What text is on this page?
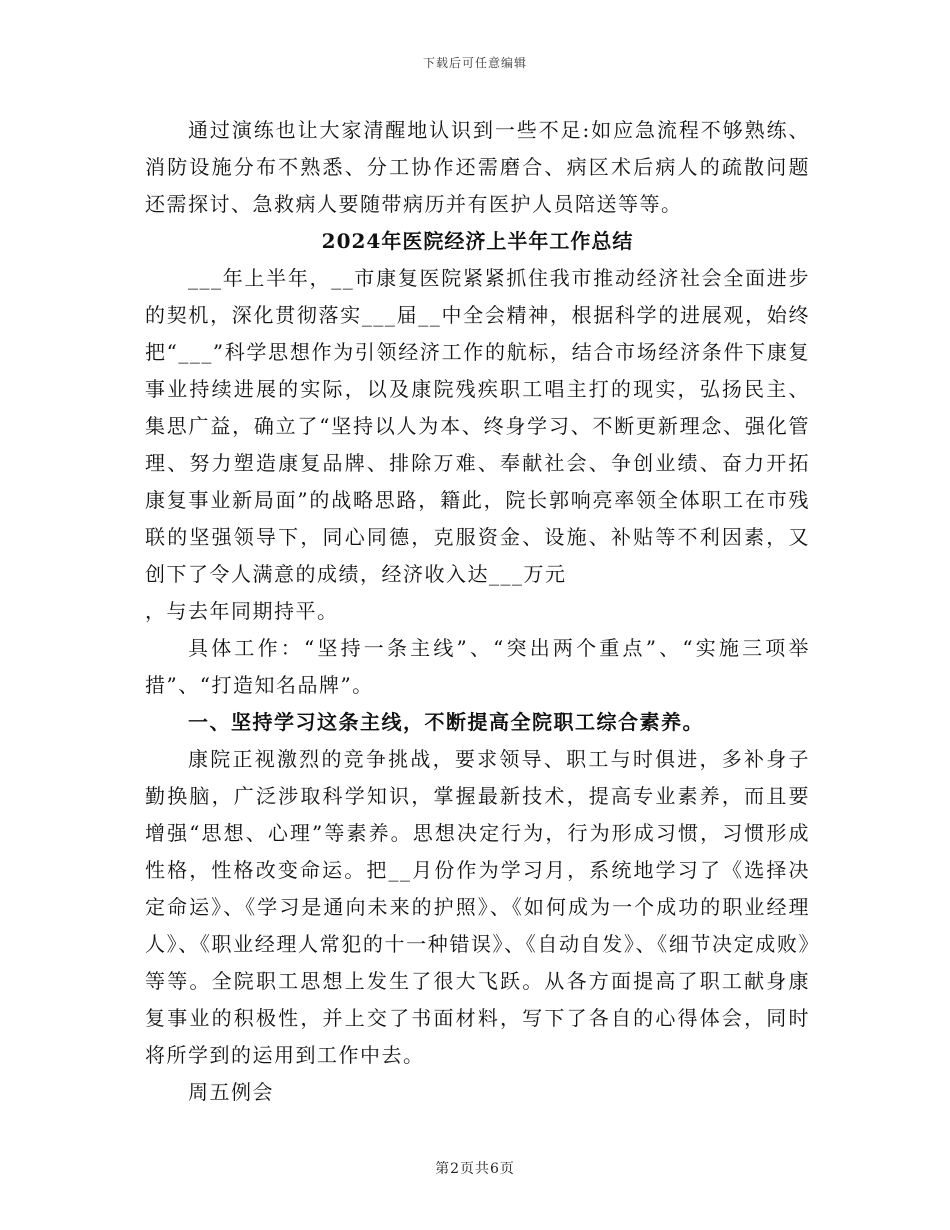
下载后可任意编辑

通过演练也让大家清醒地认识到一些不足:如应急流程不够熟练、消防设施分布不熟悉、分工协作还需磨合、病区术后病人的疏散问题还需探讨、急救病人要随带病历并有医护人员陪送等等。

2024年医院经济上半年工作总结

___年上半年，__市康复医院紧紧抓住我市推动经济社会全面进步的契机，深化贯彻落实___届__中全会精神，根据科学的进展观，始终把“___”科学思想作为引领经济工作的航标，结合市场经济条件下康复事业持续进展的实际，以及康院残疾职工唱主打的现实，弘扬民主、集思广益，确立了“坚持以人为本、终身学习、不断更新理念、强化管理、努力塑造康复品牌、排除万难、奉献社会、争创业绩、奋力开拓康复事业新局面”的战略思路，籍此，院长郭响亮率领全体职工在市残联的坚强领导下，同心同德，克服资金、设施、补贴等不利因素，又创下了令人满意的成绩，经济收入达___万元

，与去年同期持平。

具体工作：“坚持一条主线”、“突出两个重点”、“实施三项举措”、“打造知名品牌”。

一、坚持学习这条主线，不断提高全院职工综合素养。

康院正视激烈的竞争挑战，要求领导、职工与时俱进，多补身子勤换脑，广泛涉取科学知识，掌握最新技术，提高专业素养，而且要增强“思想、心理”等素养。思想决定行为，行为形成习惯，习惯形成性格，性格改变命运。把__月份作为学习月，系统地学习了《选择决定命运》、《学习是通向未来的护照》、《如何成为一个成功的职业经理人》、《职业经理人常犯的十一种错误》、《自动自发》、《细节决定成败》等等。全院职工思想上发生了很大飞跃。从各方面提高了职工献身康复事业的积极性，并上交了书面材料，写下了各自的心得体会，同时将所学到的运用到工作中去。

周五例会

第2页共6页
